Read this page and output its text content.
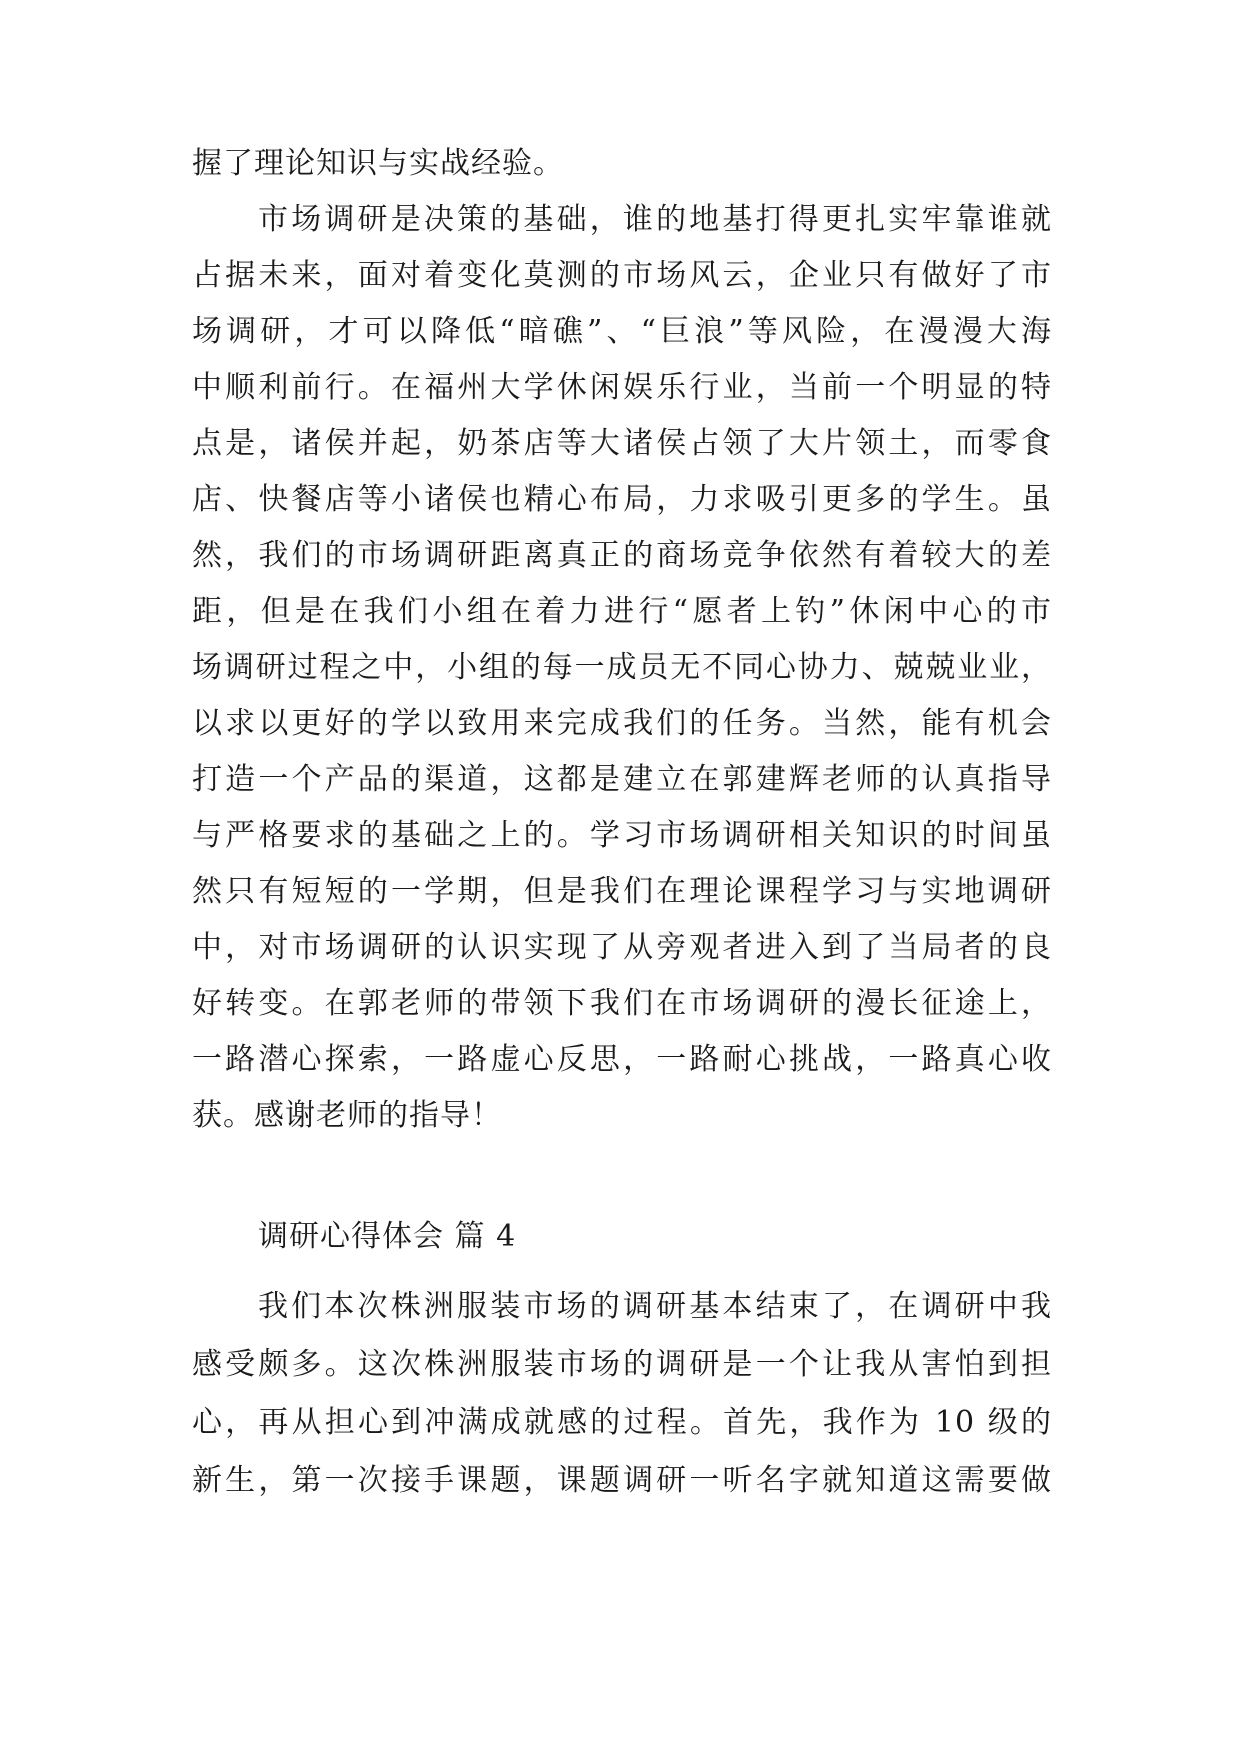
握了理论知识与实战经验。
市场调研是决策的基础，谁的地基打得更扎实牢靠谁就
占据未来，面对着变化莫测的市场风云，企业只有做好了市
场调研，才可以降低“暗礁”、“巨浪”等风险，在漫漫大海
中顺利前行。在福州大学休闲娱乐行业，当前一个明显的特
点是，诸侯并起，奶茶店等大诸侯占领了大片领土，而零食
店、快餐店等小诸侯也精心布局，力求吸引更多的学生。虽
然，我们的市场调研距离真正的商场竞争依然有着较大的差
距，但是在我们小组在着力进行“愿者上钓”休闲中心的市
场调研过程之中，小组的每一成员无不同心协力、兢兢业业，
以求以更好的学以致用来完成我们的任务。当然，能有机会
打造一个产品的渠道，这都是建立在郭建辉老师的认真指导
与严格要求的基础之上的。学习市场调研相关知识的时间虽
然只有短短的一学期，但是我们在理论课程学习与实地调研
中，对市场调研的认识实现了从旁观者进入到了当局者的良
好转变。在郭老师的带领下我们在市场调研的漫长征途上，
一路潜心探索，一路虚心反思，一路耐心挑战，一路真心收
获。感谢老师的指导！
调研心得体会 篇 4
我们本次株洲服装市场的调研基本结束了，在调研中我
感受颇多。这次株洲服装市场的调研是一个让我从害怕到担
心，再从担心到冲满成就感的过程。首先，我作为 10 级的
新生，第一次接手课题，课题调研一听名字就知道这需要做
